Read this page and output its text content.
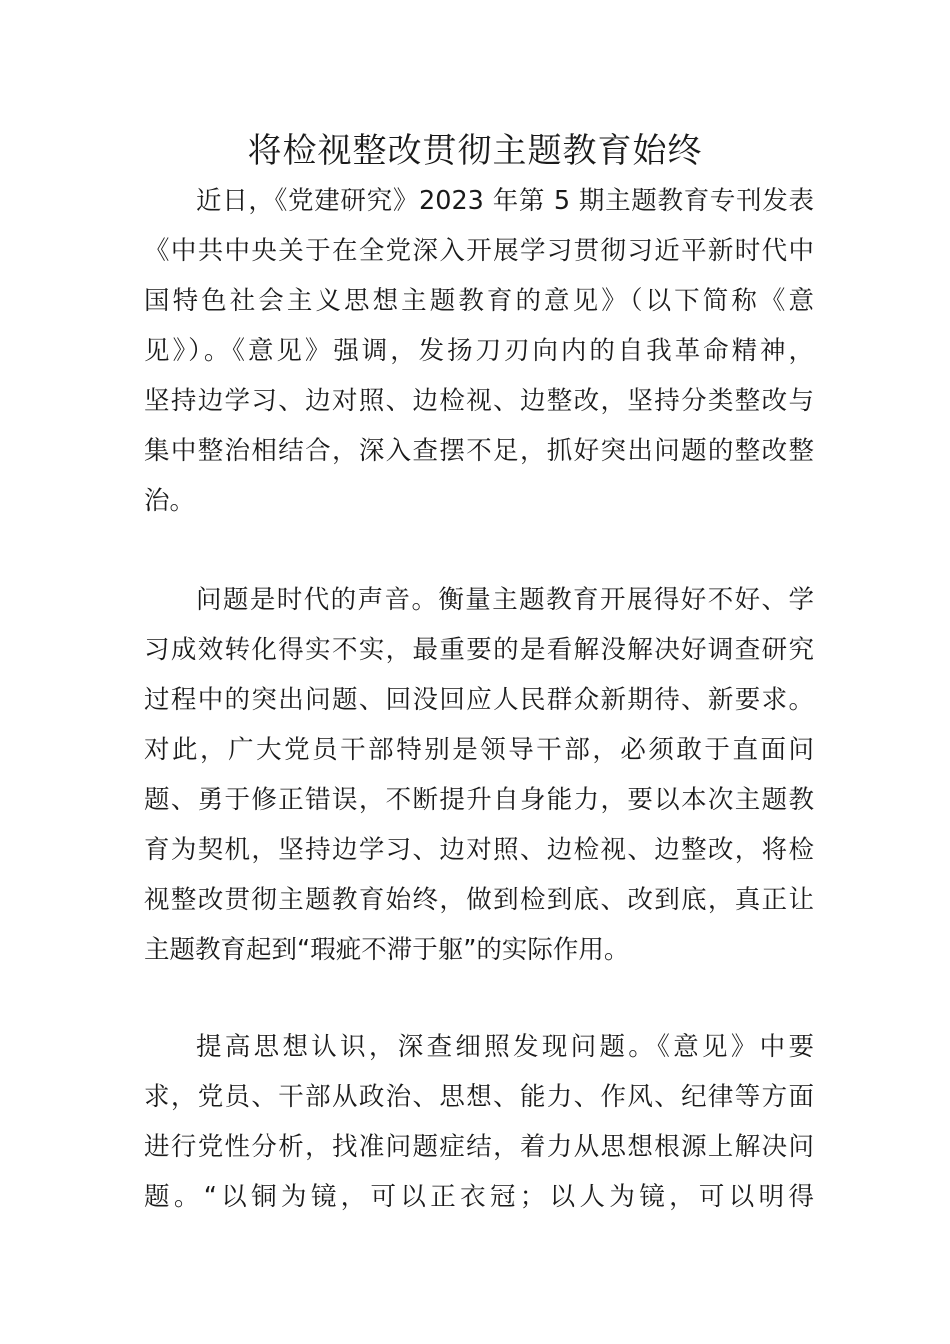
将检视整改贯彻主题教育始终
近日，《党建研究》2023 年第 5 期主题教育专刊发表
《中共中央关于在全党深入开展学习贯彻习近平新时代中
国特色社会主义思想主题教育的意见》（以下简称《意
见》）。《意见》强调，发扬刀刃向内的自我革命精神，
坚持边学习、边对照、边检视、边整改，坚持分类整改与
集中整治相结合，深入查摆不足，抓好突出问题的整改整
治。
问题是时代的声音。衡量主题教育开展得好不好、学
习成效转化得实不实，最重要的是看解没解决好调查研究
过程中的突出问题、回没回应人民群众新期待、新要求。
对此，广大党员干部特别是领导干部，必须敢于直面问
题、勇于修正错误，不断提升自身能力，要以本次主题教
育为契机，坚持边学习、边对照、边检视、边整改，将检
视整改贯彻主题教育始终，做到检到底、改到底，真正让
主题教育起到“瑕疵不滞于躯”的实际作用。
提高思想认识，深查细照发现问题。《意见》中要
求，党员、干部从政治、思想、能力、作风、纪律等方面
进行党性分析，找准问题症结，着力从思想根源上解决问
题。“以铜为镜，可以正衣冠；以人为镜，可以明得
